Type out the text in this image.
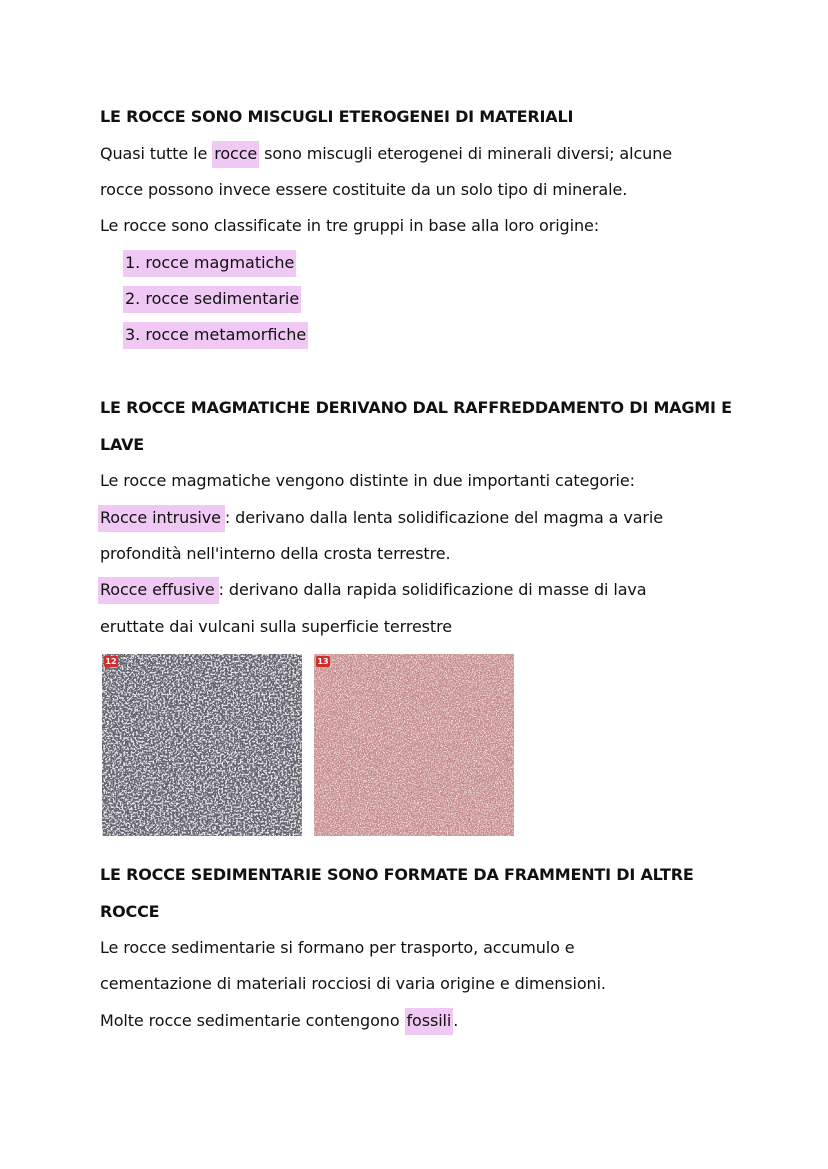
LE ROCCE SONO MISCUGLI ETEROGENEI DI MATERIALI

Quasi tutte le rocce sono miscugli eterogenei di minerali diversi; alcune

rocce possono invece essere costituite da un solo tipo di minerale.

Le rocce sono classificate in tre gruppi in base alla loro origine:

1. rocce magmatiche
2. rocce sedimentarie
3. rocce metamorfiche

LE ROCCE MAGMATICHE DERIVANO DAL RAFFREDDAMENTO DI MAGMI E

LAVE

Le rocce magmatiche vengono distinte in due importanti categorie:

Rocce intrusive : derivano dalla lenta solidificazione del magma a varie

profondità nell'interno della crosta terrestre.

Rocce effusive : derivano dalla rapida solidificazione di masse di lava

eruttate dai vulcani sulla superficie terrestre

12	13

LE ROCCE SEDIMENTARIE SONO FORMATE DA FRAMMENTI DI ALTRE

ROCCE

Le rocce sedimentarie si formano per trasporto, accumulo e

cementazione di materiali rocciosi di varia origine e dimensioni.

Molte rocce sedimentarie contengono fossili .
